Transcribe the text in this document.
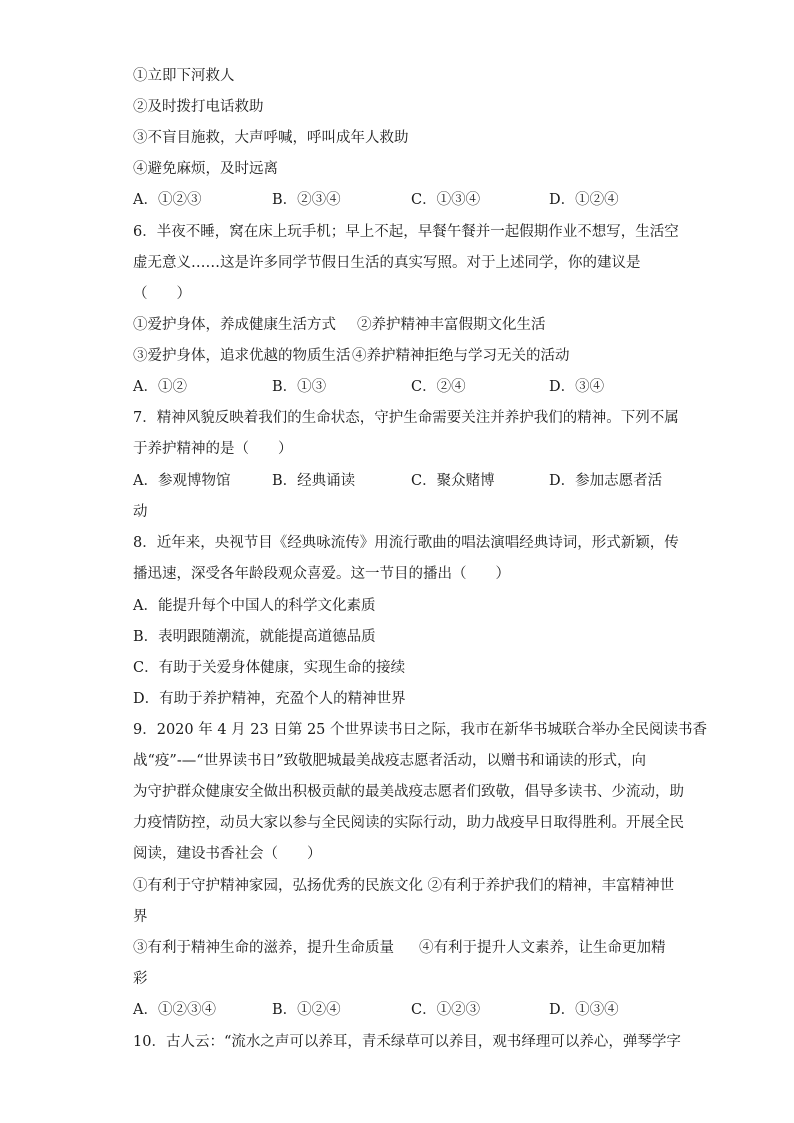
①立即下河救人
②及时拨打电话救助
③不盲目施救，大声呼喊，呼叫成年人救助
④避免麻烦，及时远离
A．①②③	B．②③④	C．①③④	D．①②④
6．半夜不睡，窝在床上玩手机；早上不起，早餐午餐并一起假期作业不想写，生活空
虚无意义……这是许多同学节假日生活的真实写照。对于上述同学，你的建议是
（　　）
①爱护身体，养成健康生活方式 ②养护精神丰富假期文化生活
③爱护身体，追求优越的物质生活 ④养护精神拒绝与学习无关的活动
A．①②	B．①③	C．②④	D．③④
7．精神风貌反映着我们的生命状态，守护生命需要关注并养护我们的精神。下列不属
于养护精神的是（　　）
A．参观博物馆	B．经典诵读	C．聚众赌博	D．参加志愿者活
动
8．近年来，央视节目《经典咏流传》用流行歌曲的唱法演唱经典诗词，形式新颖，传
播迅速，深受各年龄段观众喜爱。这一节目的播出（　　）
A．能提升每个中国人的科学文化素质
B．表明跟随潮流，就能提高道德品质
C．有助于关爱身体健康，实现生命的接续
D．有助于养护精神，充盈个人的精神世界
9．2020 年 4 月 23 日第 25 个世界读书日之际，我市在新华书城联合举办全民阅读书香
战“疫”-—“世界读书日”致敬肥城最美战疫志愿者活动，以赠书和诵读的形式，向
为守护群众健康安全做出积极贡献的最美战疫志愿者们致敬，倡导多读书、少流动，助
力疫情防控，动员大家以参与全民阅读的实际行动，助力战疫早日取得胜利。开展全民
阅读，建设书香社会（　　）
①有利于守护精神家园，弘扬优秀的民族文化 ②有利于养护我们的精神，丰富精神世
界
③有利于精神生命的滋养，提升生命质量 ④有利于提升人文素养，让生命更加精
彩
A．①②③④	B．①②④	C．①②③	D．①③④
10．古人云：“流水之声可以养耳，青禾绿草可以养目，观书绎理可以养心，弹琴学字
